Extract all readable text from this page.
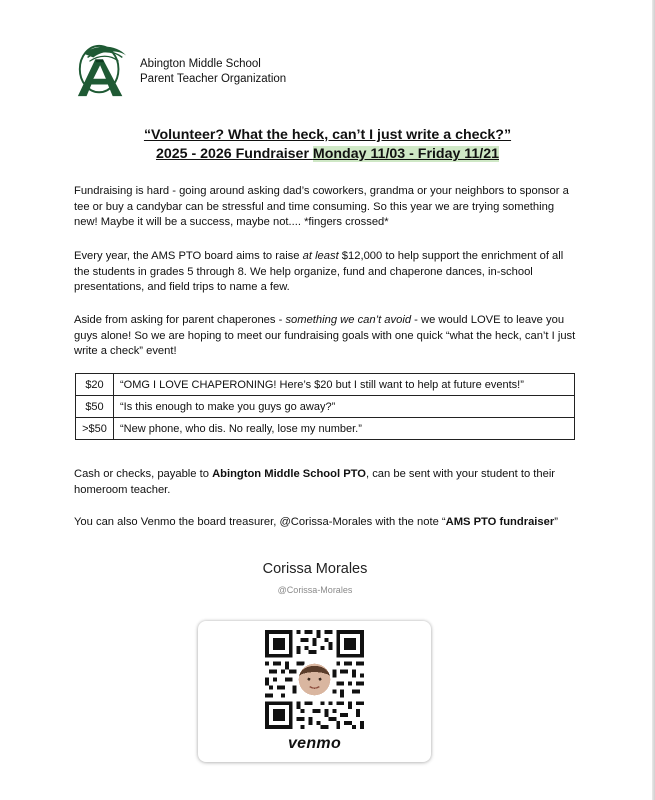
Abington Middle School
Parent Teacher Organization
“Volunteer? What the heck, can’t I just write a check?”
2025 - 2026 Fundraiser Monday 11/03 - Friday 11/21
Fundraising is hard - going around asking dad’s coworkers, grandma or your neighbors to sponsor a tee or buy a candybar can be stressful and time consuming. So this year we are trying something new! Maybe it will be a success, maybe not.... *fingers crossed*
Every year, the AMS PTO board aims to raise at least $12,000 to help support the enrichment of all the students in grades 5 through 8. We help organize, fund and chaperone dances, in-school presentations, and field trips to name a few.
Aside from asking for parent chaperones - something we can’t avoid - we would LOVE to leave you guys alone! So we are hoping to meet our fundraising goals with one quick “what the heck, can’t I just write a check” event!
$20	“OMG I LOVE CHAPERONING! Here’s $20 but I still want to help at future events!”
$50	“Is this enough to make you guys go away?”
>$50	“New phone, who dis. No really, lose my number.”
Cash or checks, payable to Abington Middle School PTO, can be sent with your student to their homeroom teacher.
You can also Venmo the board treasurer, @Corissa-Morales with the note “AMS PTO fundraiser”
Corissa Morales
@Corissa-Morales
venmo
